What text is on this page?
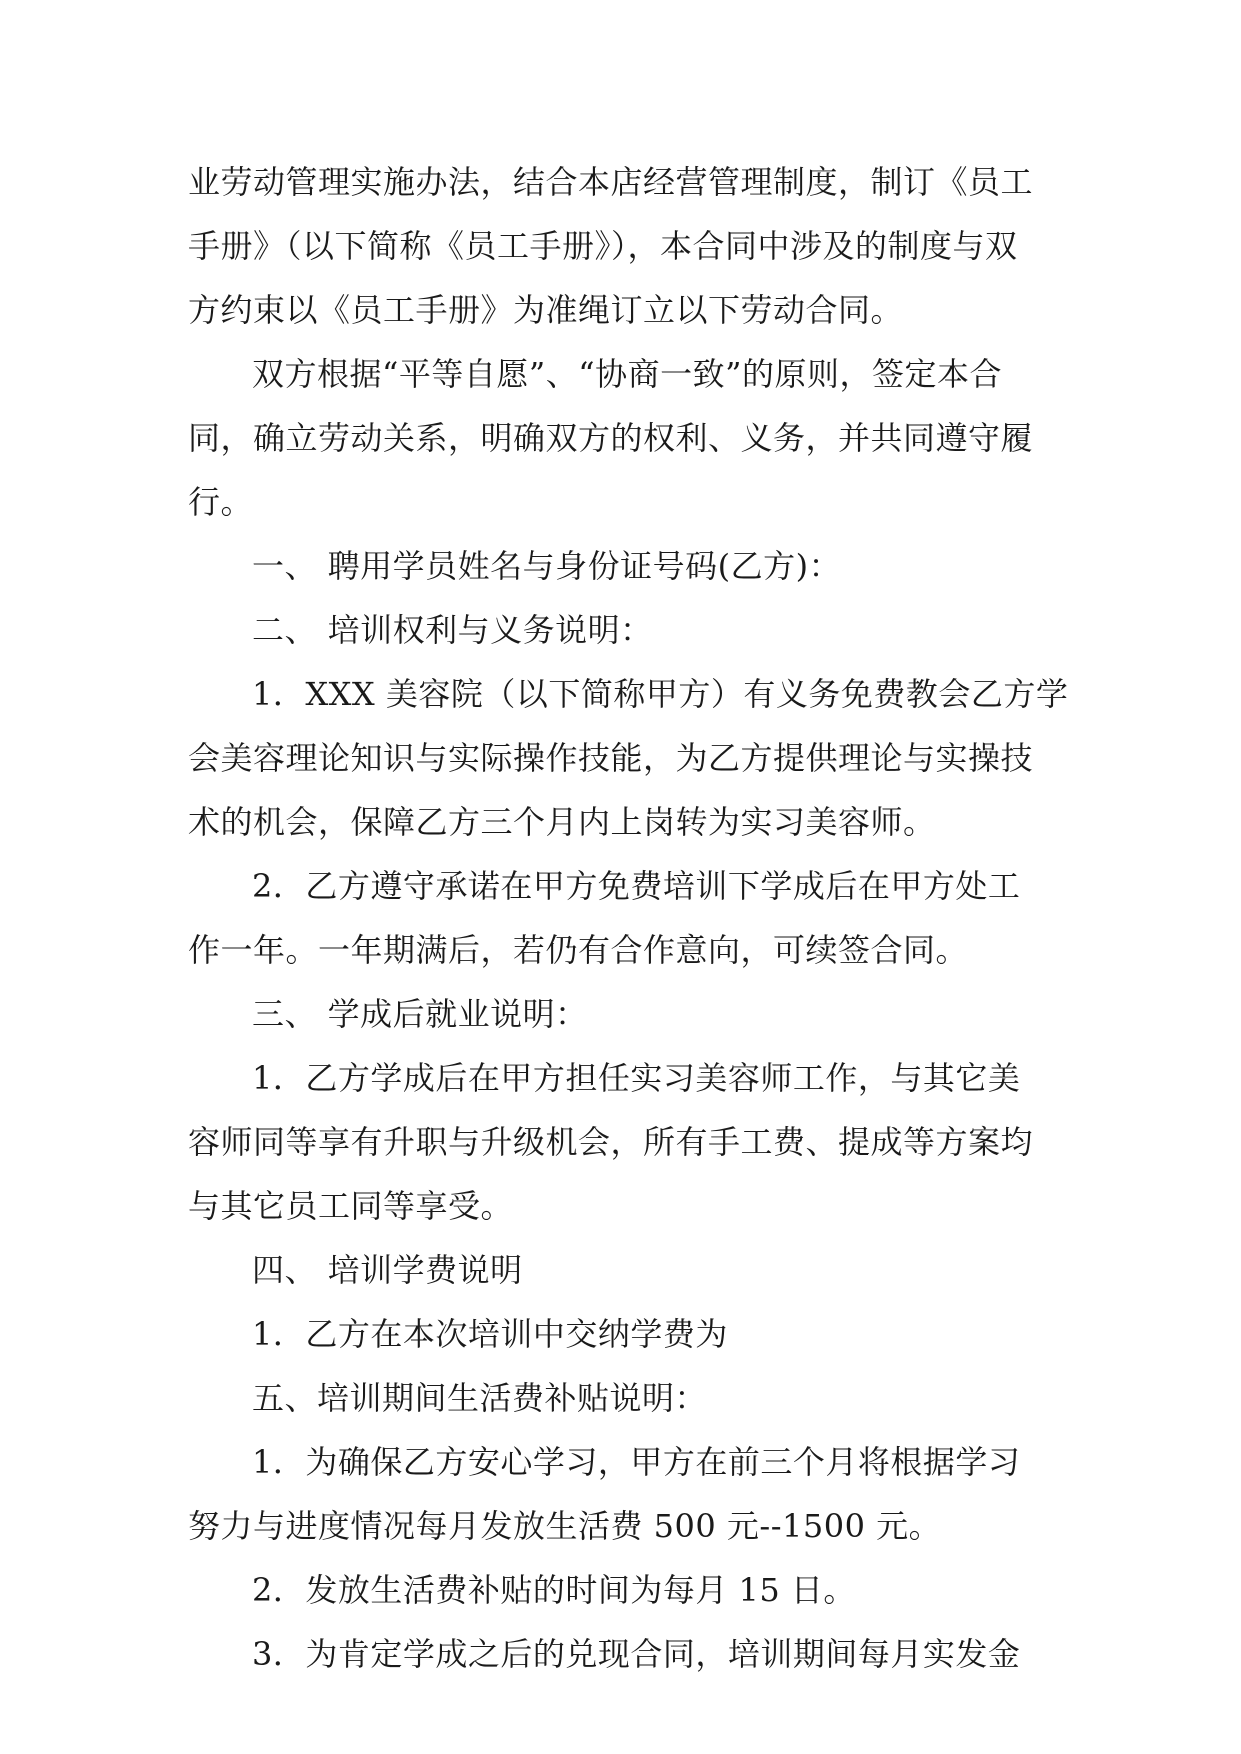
业劳动管理实施办法，结合本店经营管理制度，制订《员工
手册》（以下简称《员工手册》），本合同中涉及的制度与双
方约束以《员工手册》为准绳订立以下劳动合同。
双方根据“平等自愿”、“协商一致”的原则，签定本合
同，确立劳动关系，明确双方的权利、义务，并共同遵守履
行。
一、 聘用学员姓名与身份证号码(乙方)：
二、 培训权利与义务说明：
1．XXX 美容院（以下简称甲方）有义务免费教会乙方学
会美容理论知识与实际操作技能，为乙方提供理论与实操技
术的机会，保障乙方三个月内上岗转为实习美容师。
2．乙方遵守承诺在甲方免费培训下学成后在甲方处工
作一年。一年期满后，若仍有合作意向，可续签合同。
三、 学成后就业说明：
1．乙方学成后在甲方担任实习美容师工作，与其它美
容师同等享有升职与升级机会，所有手工费、提成等方案均
与其它员工同等享受。
四、 培训学费说明
1．乙方在本次培训中交纳学费为
五、培训期间生活费补贴说明：
1．为确保乙方安心学习，甲方在前三个月将根据学习
努力与进度情况每月发放生活费 500 元--1500 元。
2．发放生活费补贴的时间为每月 15 日。
3．为肯定学成之后的兑现合同，培训期间每月实发金
